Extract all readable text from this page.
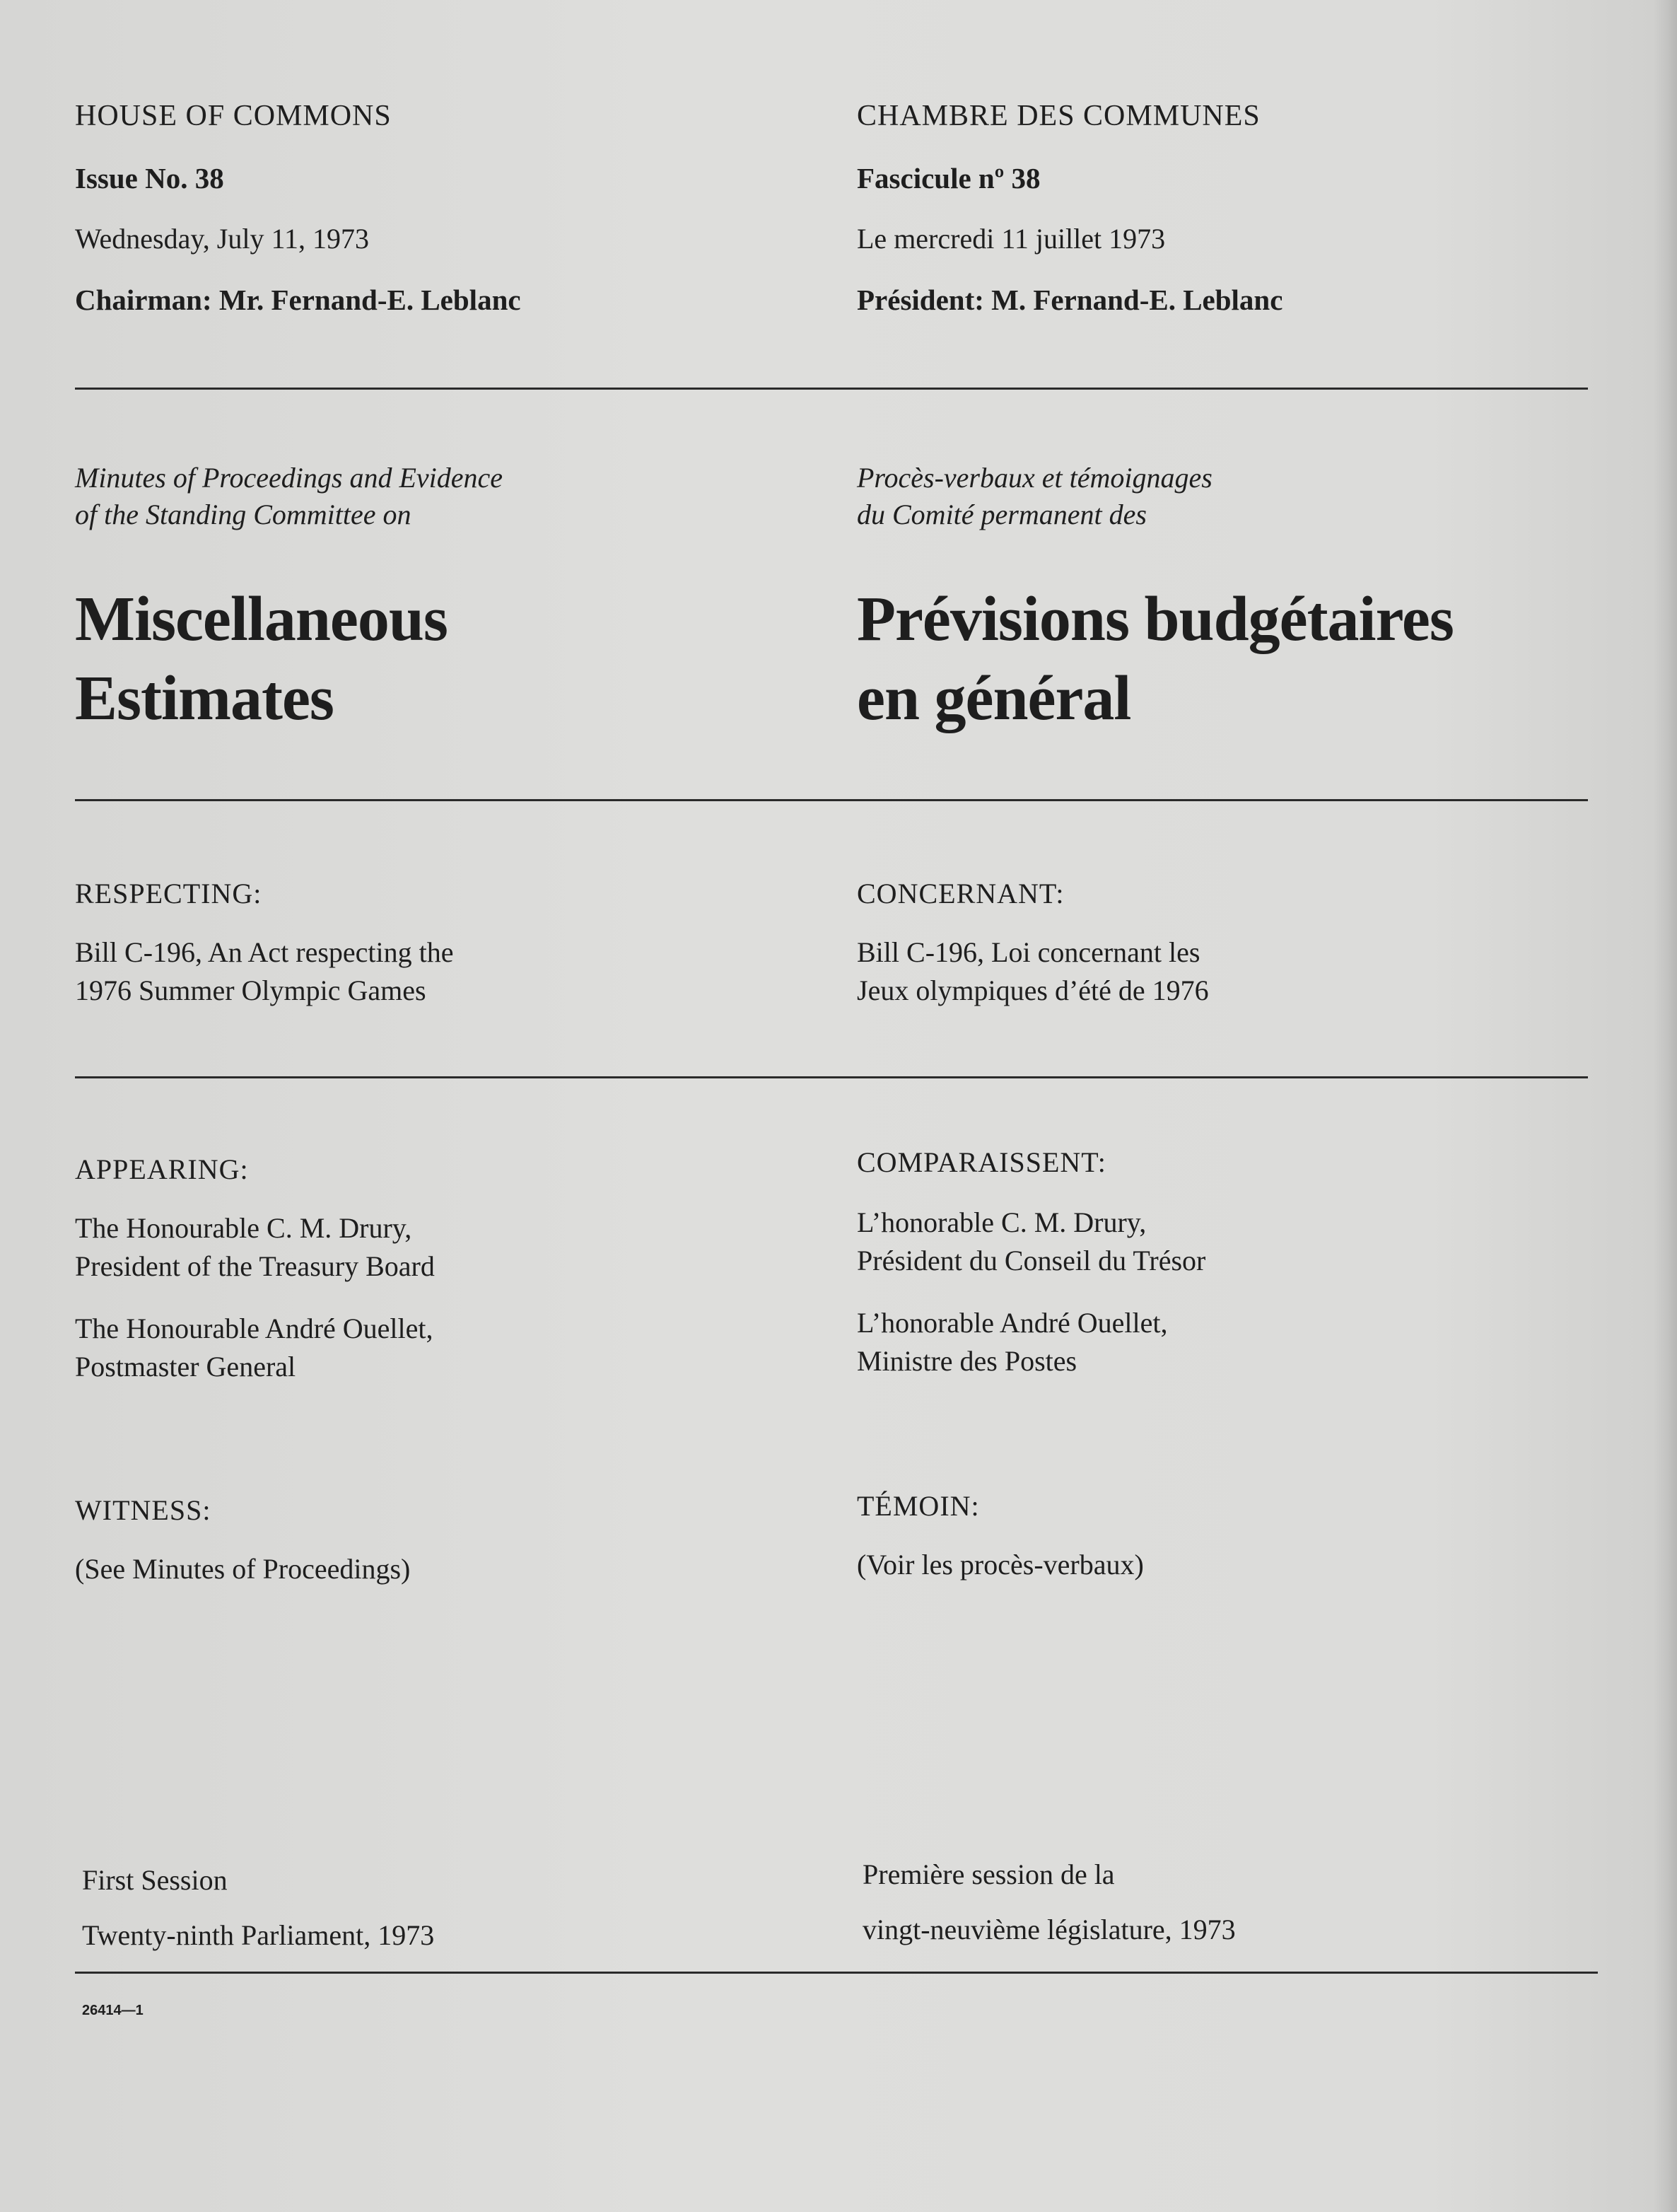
HOUSE OF COMMONS
Issue No. 38
Wednesday, July 11, 1973
Chairman: Mr. Fernand-E. Leblanc
CHAMBRE DES COMMUNES
Fascicule nº 38
Le mercredi 11 juillet 1973
Président: M. Fernand-E. Leblanc
Minutes of Proceedings and Evidence
of the Standing Committee on
Procès-verbaux et témoignages
du Comité permanent des
Miscellaneous
Estimates
Prévisions budgétaires
en général
RESPECTING:
Bill C-196, An Act respecting the
1976 Summer Olympic Games
CONCERNANT:
Bill C-196, Loi concernant les
Jeux olympiques d’été de 1976
APPEARING:
The Honourable C. M. Drury,
President of the Treasury Board
The Honourable André Ouellet,
Postmaster General
COMPARAISSENT:
L’honorable C. M. Drury,
Président du Conseil du Trésor
L’honorable André Ouellet,
Ministre des Postes
WITNESS:
(See Minutes of Proceedings)
TÉMOIN:
(Voir les procès-verbaux)
First Session
Twenty-ninth Parliament, 1973
Première session de la
vingt-neuvième législature, 1973
26414—1
